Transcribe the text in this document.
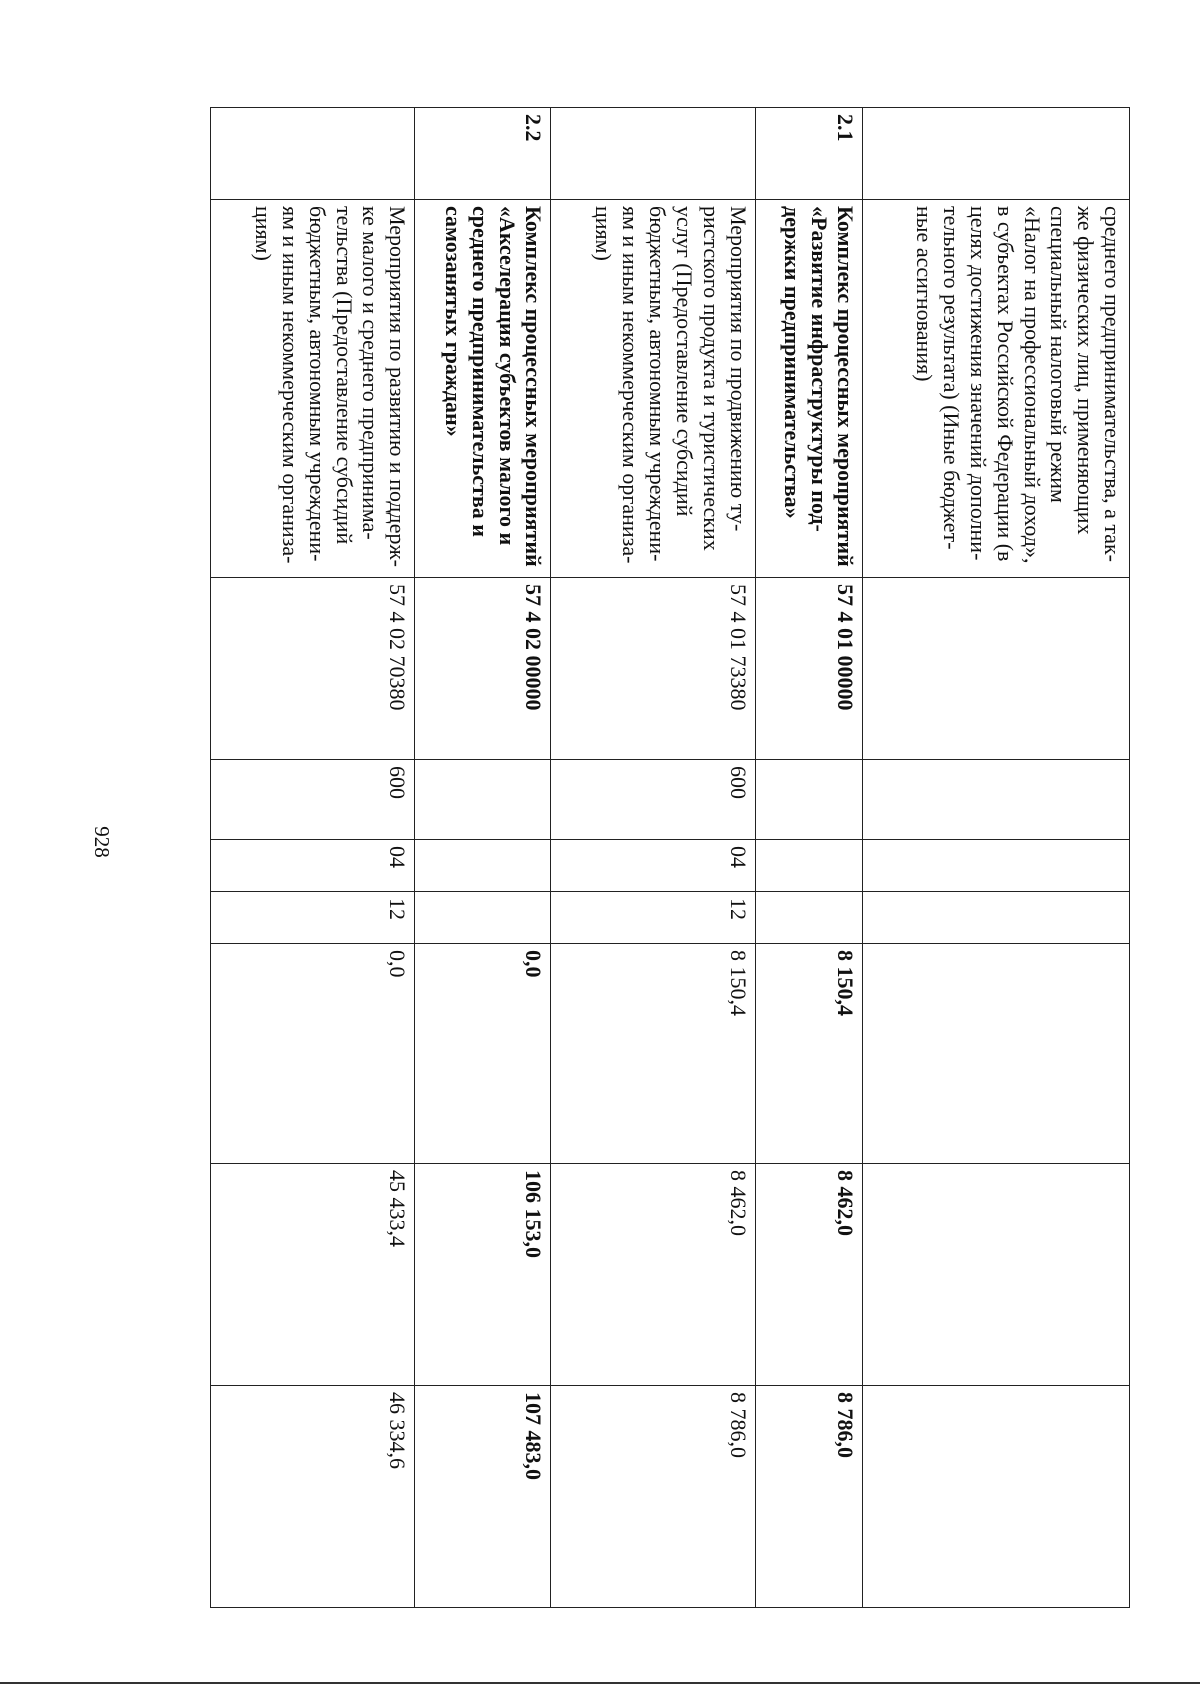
928
	среднего предпринимательства, а так-же физических лиц, применяющих специальный налоговый режим «Налог на профессиональный доход», в субъектах Российской Федерации (в целях достижения значений дополни-тельного результата) (Иные бюджет-ные ассигнования)							
2.1	Комплекс процессных мероприятий «Развитие инфраструктуры под-держки предпринимательства»	57 4 01 00000				8 150,4	8 462,0	8 786,0
	Мероприятия по продвижению ту-ристского продукта и туристических услуг (Предоставление субсидий бюджетным, автономным учреждени-ям и иным некоммерческим организа-циям)	57 4 01 73380	600	04	12	8 150,4	8 462,0	8 786,0
2.2	Комплекс процессных мероприятий «Акселерация субъектов малого и среднего предпринимательства и самозанятых граждан»	57 4 02 00000				0,0	106 153,0	107 483,0
	Мероприятия по развитию и поддерж-ке малого и среднего предпринима-тельства (Предоставление субсидий бюджетным, автономным учреждени-ям и иным некоммерческим организа-циям)	57 4 02 70380	600	04	12	0,0	45 433,4	46 334,6
